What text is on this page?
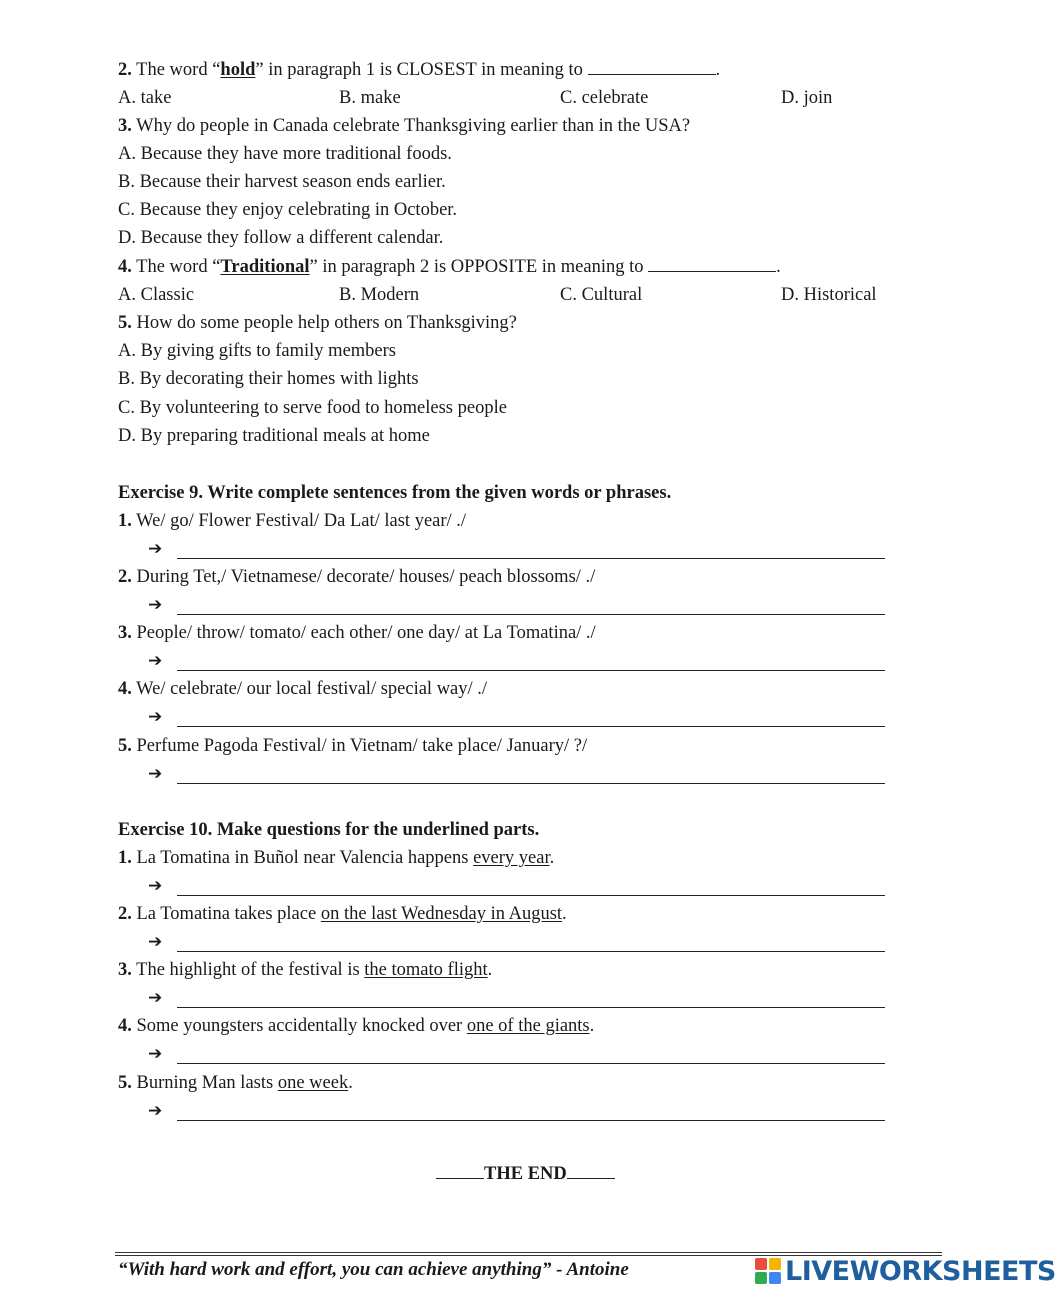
2. The word “hold” in paragraph 1 is CLOSEST in meaning to	.
A. take	B. make	C. celebrate	D. join
3. Why do people in Canada celebrate Thanksgiving earlier than in the USA?
A. Because they have more traditional foods.
B. Because their harvest season ends earlier.
C. Because they enjoy celebrating in October.
D. Because they follow a different calendar.
4. The word “Traditional” in paragraph 2 is OPPOSITE in meaning to	.
A. Classic	B. Modern	C. Cultural	D. Historical
5. How do some people help others on Thanksgiving?
A. By giving gifts to family members
B. By decorating their homes with lights
C. By volunteering to serve food to homeless people
D. By preparing traditional meals at home
Exercise 9. Write complete sentences from the given words or phrases.
1. We/ go/ Flower Festival/ Da Lat/ last year/ ./
➔
2. During Tet,/ Vietnamese/ decorate/ houses/ peach blossoms/ ./
➔
3. People/ throw/ tomato/ each other/ one day/ at La Tomatina/ ./
➔
4. We/ celebrate/ our local festival/ special way/ ./
➔
5. Perfume Pagoda Festival/ in Vietnam/ take place/ January/ ?/
➔
Exercise 10. Make questions for the underlined parts.
1. La Tomatina in Buñol near Valencia happens every year.
➔
2. La Tomatina takes place on the last Wednesday in August.
➔
3. The highlight of the festival is the tomato flight.
➔
4. Some youngsters accidentally knocked over one of the giants.
➔
5. Burning Man lasts one week.
➔
THE END
“With hard work and effort, you can achieve anything” - Antoine	LIVEWORKSHEETS
